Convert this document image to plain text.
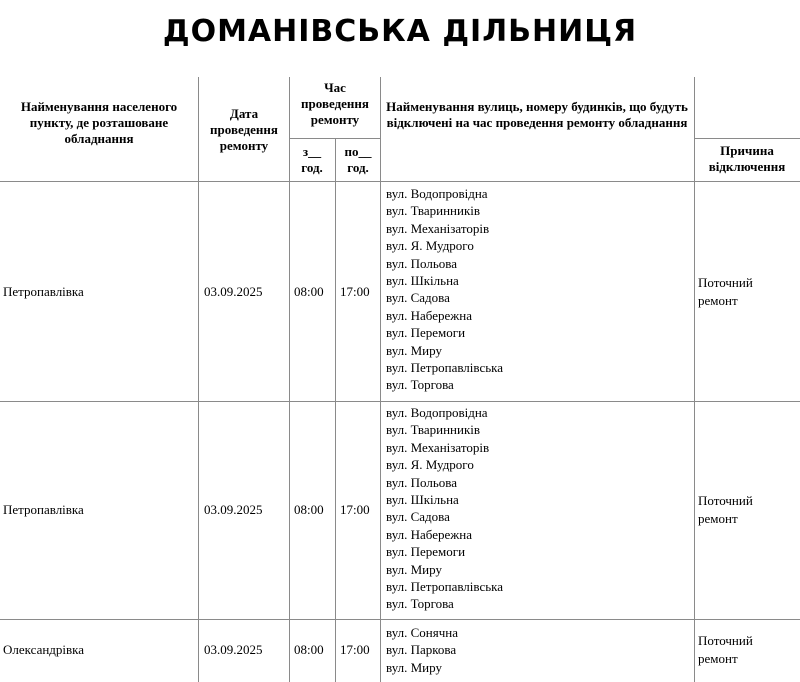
ДОМАНІВСЬКА ДІЛЬНИЦЯ
Найменування населеного пункту, де розташоване обладнання
Дата проведення ремонту
Час проведення ремонту
з__ год.
по__ год.
Найменування вулиць, номеру будинків, що будуть відключені на час проведення ремонту обладнання
Причина відключення
Петропавлівка	03.09.2025 08:00 17:00
вул. Водопровідна
вул. Тваринників
вул. Механізаторів
вул. Я. Мудрого
вул. Польова
вул. Шкільна
вул. Садова
вул. Набережна
вул. Перемоги
вул. Миру
вул. Петропавлівська
вул. Торгова
Поточний ремонт
Петропавлівка	03.09.2025 08:00 17:00
вул. Водопровідна
вул. Тваринників
вул. Механізаторів
вул. Я. Мудрого
вул. Польова
вул. Шкільна
вул. Садова
вул. Набережна
вул. Перемоги
вул. Миру
вул. Петропавлівська
вул. Торгова
Поточний ремонт
Олександрівка	03.09.2025 08:00 17:00
вул. Сонячна
вул. Паркова
вул. Миру
Поточний ремонт
